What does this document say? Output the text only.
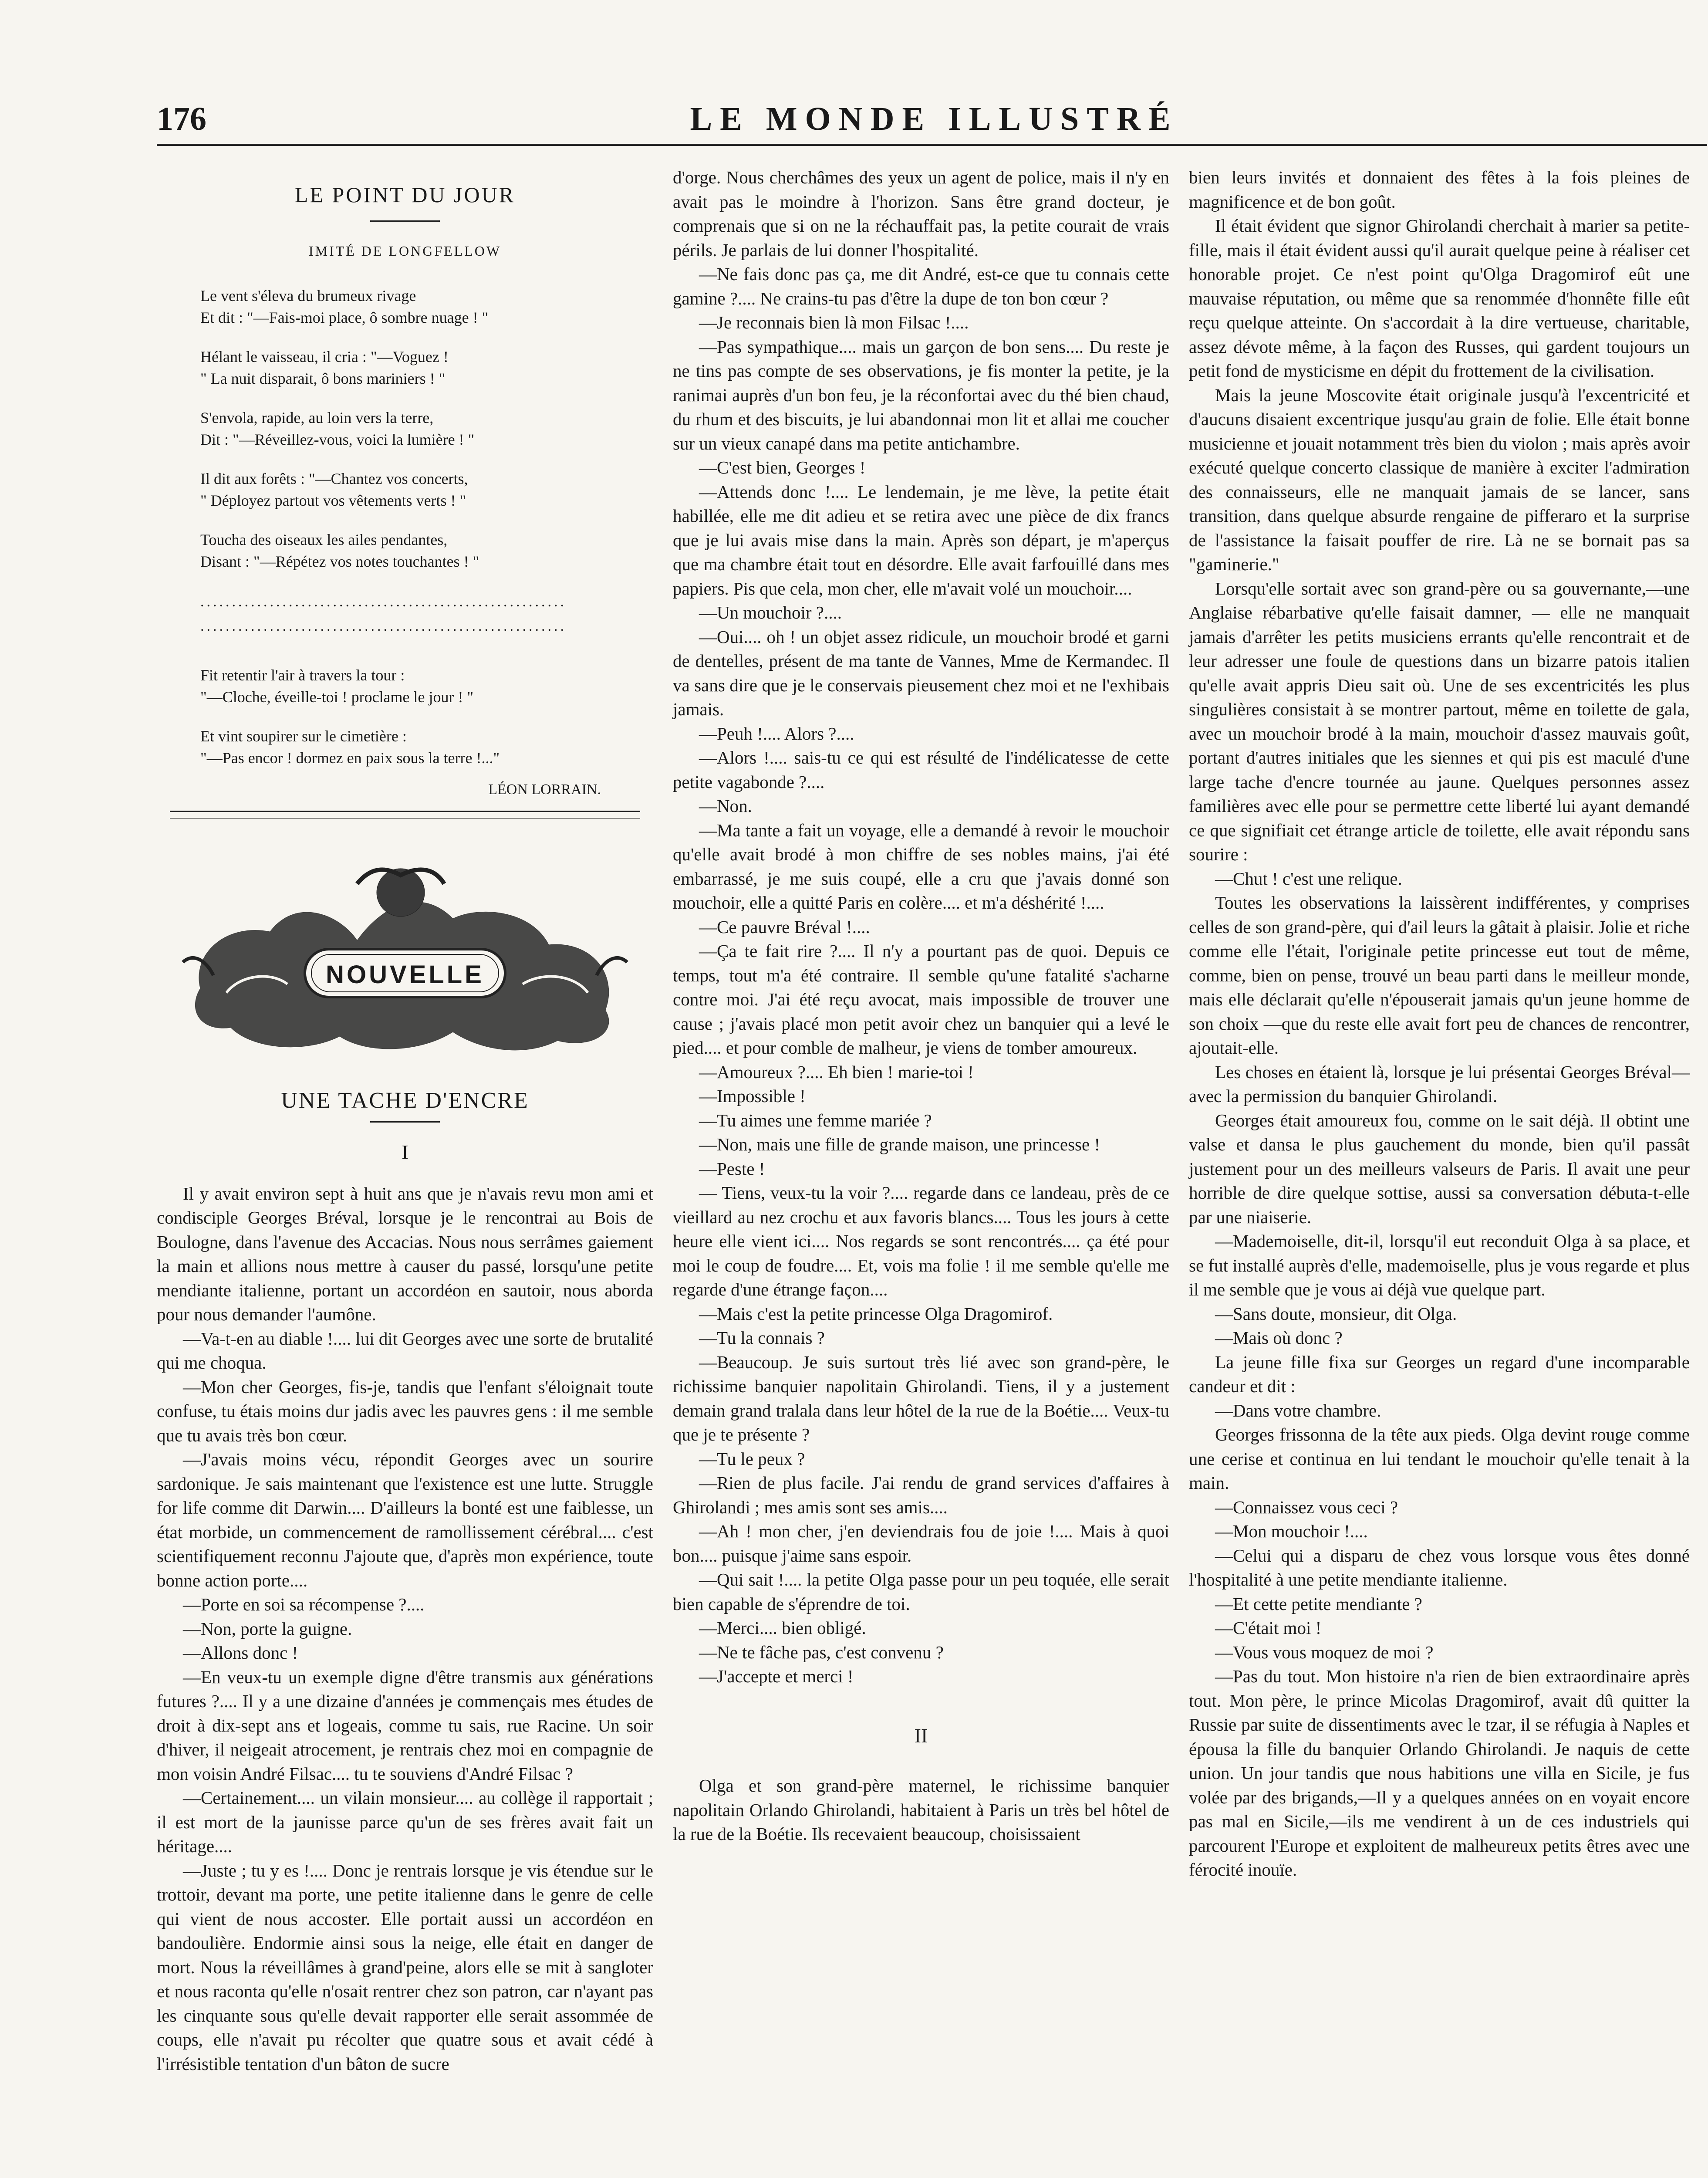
176	LE MONDE ILLUSTRÉ
LE POINT DU JOUR
IMITÉ DE LONGFELLOW
Le vent s'éleva du brumeux rivage
Et dit : "—Fais-moi place, ô sombre nuage ! "
Hélant le vaisseau, il cria : "—Voguez !
" La nuit disparait, ô bons mariniers ! "
S'envola, rapide, au loin vers la terre,
Dit : "—Réveillez-vous, voici la lumière ! "
Il dit aux forêts : "—Chantez vos concerts,
" Déployez partout vos vêtements verts ! "
Toucha des oiseaux les ailes pendantes,
Disant : "—Répétez vos notes touchantes ! "
..........................................................
..........................................................
Fit retentir l'air à travers la tour :
"—Cloche, éveille-toi ! proclame le jour ! "
Et vint soupirer sur le cimetière :
"—Pas encor ! dormez en paix sous la terre !..."
LÉON LORRAIN.
NOUVELLE
UNE TACHE D'ENCRE
I

Il y avait environ sept à huit ans que je n'avais revu mon ami et condisciple Georges Bréval, lorsque je le rencontrai au Bois de Boulogne, dans l'avenue des Accacias. Nous nous serrâmes gaiement la main et allions nous mettre à causer du passé, lorsqu'une petite mendiante italienne, portant un accordéon en sautoir, nous aborda pour nous demander l'aumône.

—Va-t-en au diable !.... lui dit Georges avec une sorte de brutalité qui me choqua.

—Mon cher Georges, fis-je, tandis que l'enfant s'éloignait toute confuse, tu étais moins dur jadis avec les pauvres gens : il me semble que tu avais très bon cœur.

—J'avais moins vécu, répondit Georges avec un sourire sardonique. Je sais maintenant que l'existence est une lutte. Struggle for life comme dit Darwin.... D'ailleurs la bonté est une faiblesse, un état morbide, un commencement de ramollissement cérébral.... c'est scientifiquement reconnu J'ajoute que, d'après mon expérience, toute bonne action porte....

—Porte en soi sa récompense ?....

—Non, porte la guigne.

—Allons donc !

—En veux-tu un exemple digne d'être transmis aux générations futures ?.... Il y a une dizaine d'années je commençais mes études de droit à dix-sept ans et logeais, comme tu sais, rue Racine. Un soir d'hiver, il neigeait atrocement, je rentrais chez moi en compagnie de mon voisin André Filsac.... tu te souviens d'André Filsac ?

—Certainement.... un vilain monsieur.... au collège il rapportait ; il est mort de la jaunisse parce qu'un de ses frères avait fait un héritage....

—Juste ; tu y es !.... Donc je rentrais lorsque je vis étendue sur le trottoir, devant ma porte, une petite italienne dans le genre de celle qui vient de nous accoster. Elle portait aussi un accordéon en bandoulière. Endormie ainsi sous la neige, elle était en danger de mort. Nous la réveillâmes à grand'peine, alors elle se mit à sangloter et nous raconta qu'elle n'osait rentrer chez son patron, car n'ayant pas les cinquante sous qu'elle devait rapporter elle serait assommée de coups, elle n'avait pu récolter que quatre sous et avait cédé à l'irrésistible tentation d'un bâton de sucre

d'orge. Nous cherchâmes des yeux un agent de police, mais il n'y en avait pas le moindre à l'horizon. Sans être grand docteur, je comprenais que si on ne la réchauffait pas, la petite courait de vrais périls. Je parlais de lui donner l'hospitalité.

—Ne fais donc pas ça, me dit André, est-ce que tu connais cette gamine ?.... Ne crains-tu pas d'être la dupe de ton bon cœur ?

—Je reconnais bien là mon Filsac !....

—Pas sympathique.... mais un garçon de bon sens.... Du reste je ne tins pas compte de ses observations, je fis monter la petite, je la ranimai auprès d'un bon feu, je la réconfortai avec du thé bien chaud, du rhum et des biscuits, je lui abandonnai mon lit et allai me coucher sur un vieux canapé dans ma petite antichambre.

—C'est bien, Georges !

—Attends donc !.... Le lendemain, je me lève, la petite était habillée, elle me dit adieu et se retira avec une pièce de dix francs que je lui avais mise dans la main. Après son départ, je m'aperçus que ma chambre était tout en désordre. Elle avait farfouillé dans mes papiers. Pis que cela, mon cher, elle m'avait volé un mouchoir....

—Un mouchoir ?....

—Oui.... oh ! un objet assez ridicule, un mouchoir brodé et garni de dentelles, présent de ma tante de Vannes, Mme de Kermandec. Il va sans dire que je le conservais pieusement chez moi et ne l'exhibais jamais.

—Peuh !.... Alors ?....

—Alors !.... sais-tu ce qui est résulté de l'indélicatesse de cette petite vagabonde ?....

—Non.

—Ma tante a fait un voyage, elle a demandé à revoir le mouchoir qu'elle avait brodé à mon chiffre de ses nobles mains, j'ai été embarrassé, je me suis coupé, elle a cru que j'avais donné son mouchoir, elle a quitté Paris en colère.... et m'a déshérité !....

—Ce pauvre Bréval !....

—Ça te fait rire ?.... Il n'y a pourtant pas de quoi. Depuis ce temps, tout m'a été contraire. Il semble qu'une fatalité s'acharne contre moi. J'ai été reçu avocat, mais impossible de trouver une cause ; j'avais placé mon petit avoir chez un banquier qui a levé le pied.... et pour comble de malheur, je viens de tomber amoureux.

—Amoureux ?.... Eh bien ! marie-toi !

—Impossible !

—Tu aimes une femme mariée ?

—Non, mais une fille de grande maison, une princesse !

—Peste !

— Tiens, veux-tu la voir ?.... regarde dans ce landeau, près de ce vieillard au nez crochu et aux favoris blancs.... Tous les jours à cette heure elle vient ici.... Nos regards se sont rencontrés.... ça été pour moi le coup de foudre.... Et, vois ma folie ! il me semble qu'elle me regarde d'une étrange façon....

—Mais c'est la petite princesse Olga Dragomirof.

—Tu la connais ?

—Beaucoup. Je suis surtout très lié avec son grand-père, le richissime banquier napolitain Ghirolandi. Tiens, il y a justement demain grand tralala dans leur hôtel de la rue de la Boétie.... Veux-tu que je te présente ?

—Tu le peux ?

—Rien de plus facile. J'ai rendu de grand services d'affaires à Ghirolandi ; mes amis sont ses amis....

—Ah ! mon cher, j'en deviendrais fou de joie !.... Mais à quoi bon.... puisque j'aime sans espoir.

—Qui sait !.... la petite Olga passe pour un peu toquée, elle serait bien capable de s'éprendre de toi.

—Merci.... bien obligé.

—Ne te fâche pas, c'est convenu ?

—J'accepte et merci !

II

Olga et son grand-père maternel, le richissime banquier napolitain Orlando Ghirolandi, habitaient à Paris un très bel hôtel de la rue de la Boétie. Ils recevaient beaucoup, choisissaient

bien leurs invités et donnaient des fêtes à la fois pleines de magnificence et de bon goût.

Il était évident que signor Ghirolandi cherchait à marier sa petite-fille, mais il était évident aussi qu'il aurait quelque peine à réaliser cet honorable projet. Ce n'est point qu'Olga Dragomirof eût une mauvaise réputation, ou même que sa renommée d'honnête fille eût reçu quelque atteinte. On s'accordait à la dire vertueuse, charitable, assez dévote même, à la façon des Russes, qui gardent toujours un petit fond de mysticisme en dépit du frottement de la civilisation.

Mais la jeune Moscovite était originale jusqu'à l'excentricité et d'aucuns disaient excentrique jusqu'au grain de folie. Elle était bonne musicienne et jouait notamment très bien du violon ; mais après avoir exécuté quelque concerto classique de manière à exciter l'admiration des connaisseurs, elle ne manquait jamais de se lancer, sans transition, dans quelque absurde rengaine de pifferaro et la surprise de l'assistance la faisait pouffer de rire. Là ne se bornait pas sa "gaminerie."

Lorsqu'elle sortait avec son grand-père ou sa gouvernante,—une Anglaise rébarbative qu'elle faisait damner, — elle ne manquait jamais d'arrêter les petits musiciens errants qu'elle rencontrait et de leur adresser une foule de questions dans un bizarre patois italien qu'elle avait appris Dieu sait où. Une de ses excentricités les plus singulières consistait à se montrer partout, même en toilette de gala, avec un mouchoir brodé à la main, mouchoir d'assez mauvais goût, portant d'autres initiales que les siennes et qui pis est maculé d'une large tache d'encre tournée au jaune. Quelques personnes assez familières avec elle pour se permettre cette liberté lui ayant demandé ce que signifiait cet étrange article de toilette, elle avait répondu sans sourire :

—Chut ! c'est une relique.

Toutes les observations la laissèrent indifférentes, y comprises celles de son grand-père, qui d'ail leurs la gâtait à plaisir. Jolie et riche comme elle l'était, l'originale petite princesse eut tout de même, comme, bien on pense, trouvé un beau parti dans le meilleur monde, mais elle déclarait qu'elle n'épouserait jamais qu'un jeune homme de son choix —que du reste elle avait fort peu de chances de rencontrer, ajoutait-elle.

Les choses en étaient là, lorsque je lui présentai Georges Bréval—avec la permission du banquier Ghirolandi.

Georges était amoureux fou, comme on le sait déjà. Il obtint une valse et dansa le plus gauchement du monde, bien qu'il passât justement pour un des meilleurs valseurs de Paris. Il avait une peur horrible de dire quelque sottise, aussi sa conversation débuta-t-elle par une niaiserie.

—Mademoiselle, dit-il, lorsqu'il eut reconduit Olga à sa place, et se fut installé auprès d'elle, mademoiselle, plus je vous regarde et plus il me semble que je vous ai déjà vue quelque part.

—Sans doute, monsieur, dit Olga.

—Mais où donc ?

La jeune fille fixa sur Georges un regard d'une incomparable candeur et dit :

—Dans votre chambre.

Georges frissonna de la tête aux pieds. Olga devint rouge comme une cerise et continua en lui tendant le mouchoir qu'elle tenait à la main.

—Connaissez vous ceci ?

—Mon mouchoir !....

—Celui qui a disparu de chez vous lorsque vous êtes donné l'hospitalité à une petite mendiante italienne.

—Et cette petite mendiante ?

—C'était moi !

—Vous vous moquez de moi ?

—Pas du tout. Mon histoire n'a rien de bien extraordinaire après tout. Mon père, le prince Micolas Dragomirof, avait dû quitter la Russie par suite de dissentiments avec le tzar, il se réfugia à Naples et épousa la fille du banquier Orlando Ghirolandi. Je naquis de cette union. Un jour tandis que nous habitions une villa en Sicile, je fus volée par des brigands,—Il y a quelques années on en voyait encore pas mal en Sicile,—ils me vendirent à un de ces industriels qui parcourent l'Europe et exploitent de malheureux petits êtres avec une férocité inouïe.
